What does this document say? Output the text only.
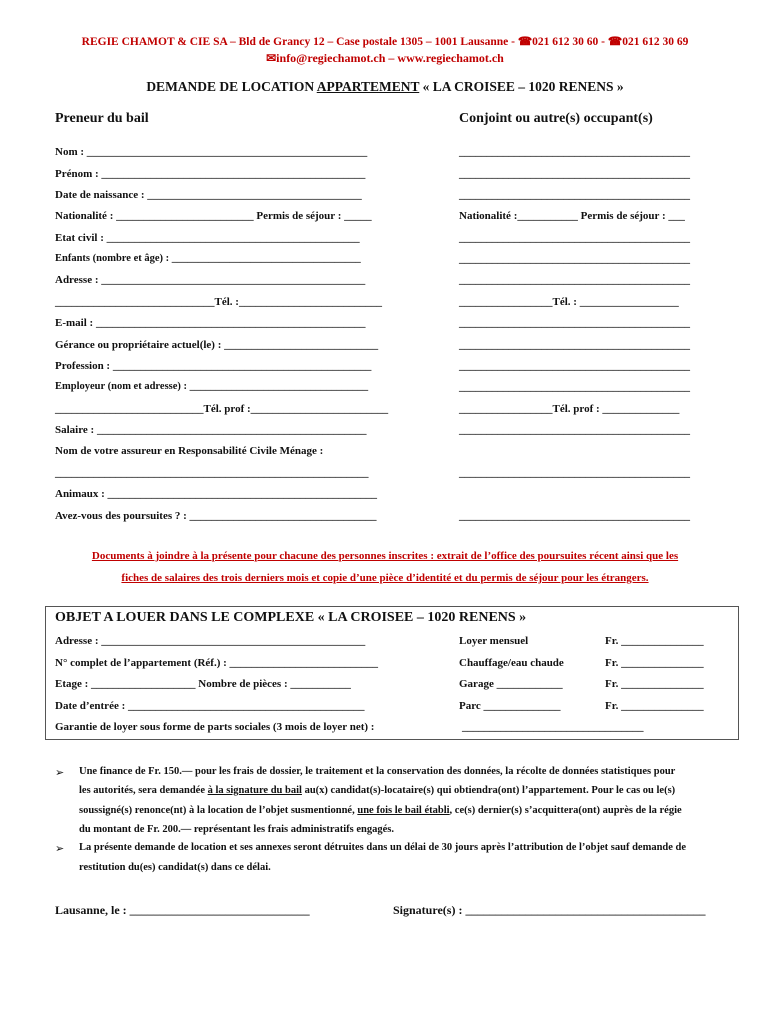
REGIE CHAMOT & CIE SA – Bld de Grancy 12 – Case postale 1305 – 1001 Lausanne - ☎021 612 30 60 - ☎021 612 30 69
✉info@regiechamot.ch – www.regiechamot.ch
DEMANDE DE LOCATION APPARTEMENT « LA CROISEE – 1020 RENENS »
Preneur du bail	Conjoint ou autre(s) occupant(s)
Nom : ___________________________________________________
Prénom : ________________________________________________
Date de naissance : _______________________________________
Nationalité : _________________________ Permis de séjour : _____
Etat civil : ______________________________________________
Enfants (nombre et âge) : ____________________________________
Adresse : ________________________________________________
_____________________________Tél. :__________________________
E-mail : _________________________________________________
Gérance ou propriétaire actuel(le) : ____________________________
Profession : _______________________________________________
Employeur (nom et adresse) : __________________________________
___________________________Tél. prof :_________________________
Salaire : _________________________________________________
Nom de votre assureur en Responsabilité Civile Ménage :
_________________________________________________________
Animaux : _________________________________________________
Avez-vous des poursuites ? : __________________________________
__________________________________________
__________________________________________
__________________________________________
Nationalité :___________ Permis de séjour : ___
__________________________________________
__________________________________________
__________________________________________
_________________Tél. : __________________
__________________________________________
__________________________________________
__________________________________________
__________________________________________
_________________Tél. prof : ______________
__________________________________________
__________________________________________
__________________________________________
Documents à joindre à la présente pour chacune des personnes inscrites : extrait de l’office des poursuites récent ainsi que les
fiches de salaires des trois derniers mois et copie d’une pièce d’identité et du permis de séjour pour les étrangers.
OBJET A LOUER DANS LE COMPLEXE « LA CROISEE – 1020 RENENS »
Adresse : ________________________________________________
N° complet de l’appartement (Réf.) : ___________________________
Etage : ___________________ Nombre de pièces : ___________
Date d’entrée : ___________________________________________
Garantie de loyer sous forme de parts sociales (3 mois de loyer net) :
Loyer mensuel
Chauffage/eau chaude
Garage ____________
Parc ______________
Fr. _______________
Fr. _______________
Fr. _______________
Fr. _______________
_________________________________
➢ Une finance de Fr. 150.— pour les frais de dossier, le traitement et la conservation des données, la récolte de données statistiques pour
les autorités, sera demandée à la signature du bail au(x) candidat(s)-locataire(s) qui obtiendra(ont) l’appartement. Pour le cas ou le(s)
soussigné(s) renonce(nt) à la location de l’objet susmentionné, une fois le bail établi, ce(s) dernier(s) s’acquittera(ont) auprès de la régie
du montant de Fr. 200.— représentant les frais administratifs engagés.
➢ La présente demande de location et ses annexes seront détruites dans un délai de 30 jours après l’attribution de l’objet sauf demande de
restitution du(es) candidat(s) dans ce délai.
Lausanne, le : ______________________________	Signature(s) : ________________________________________
